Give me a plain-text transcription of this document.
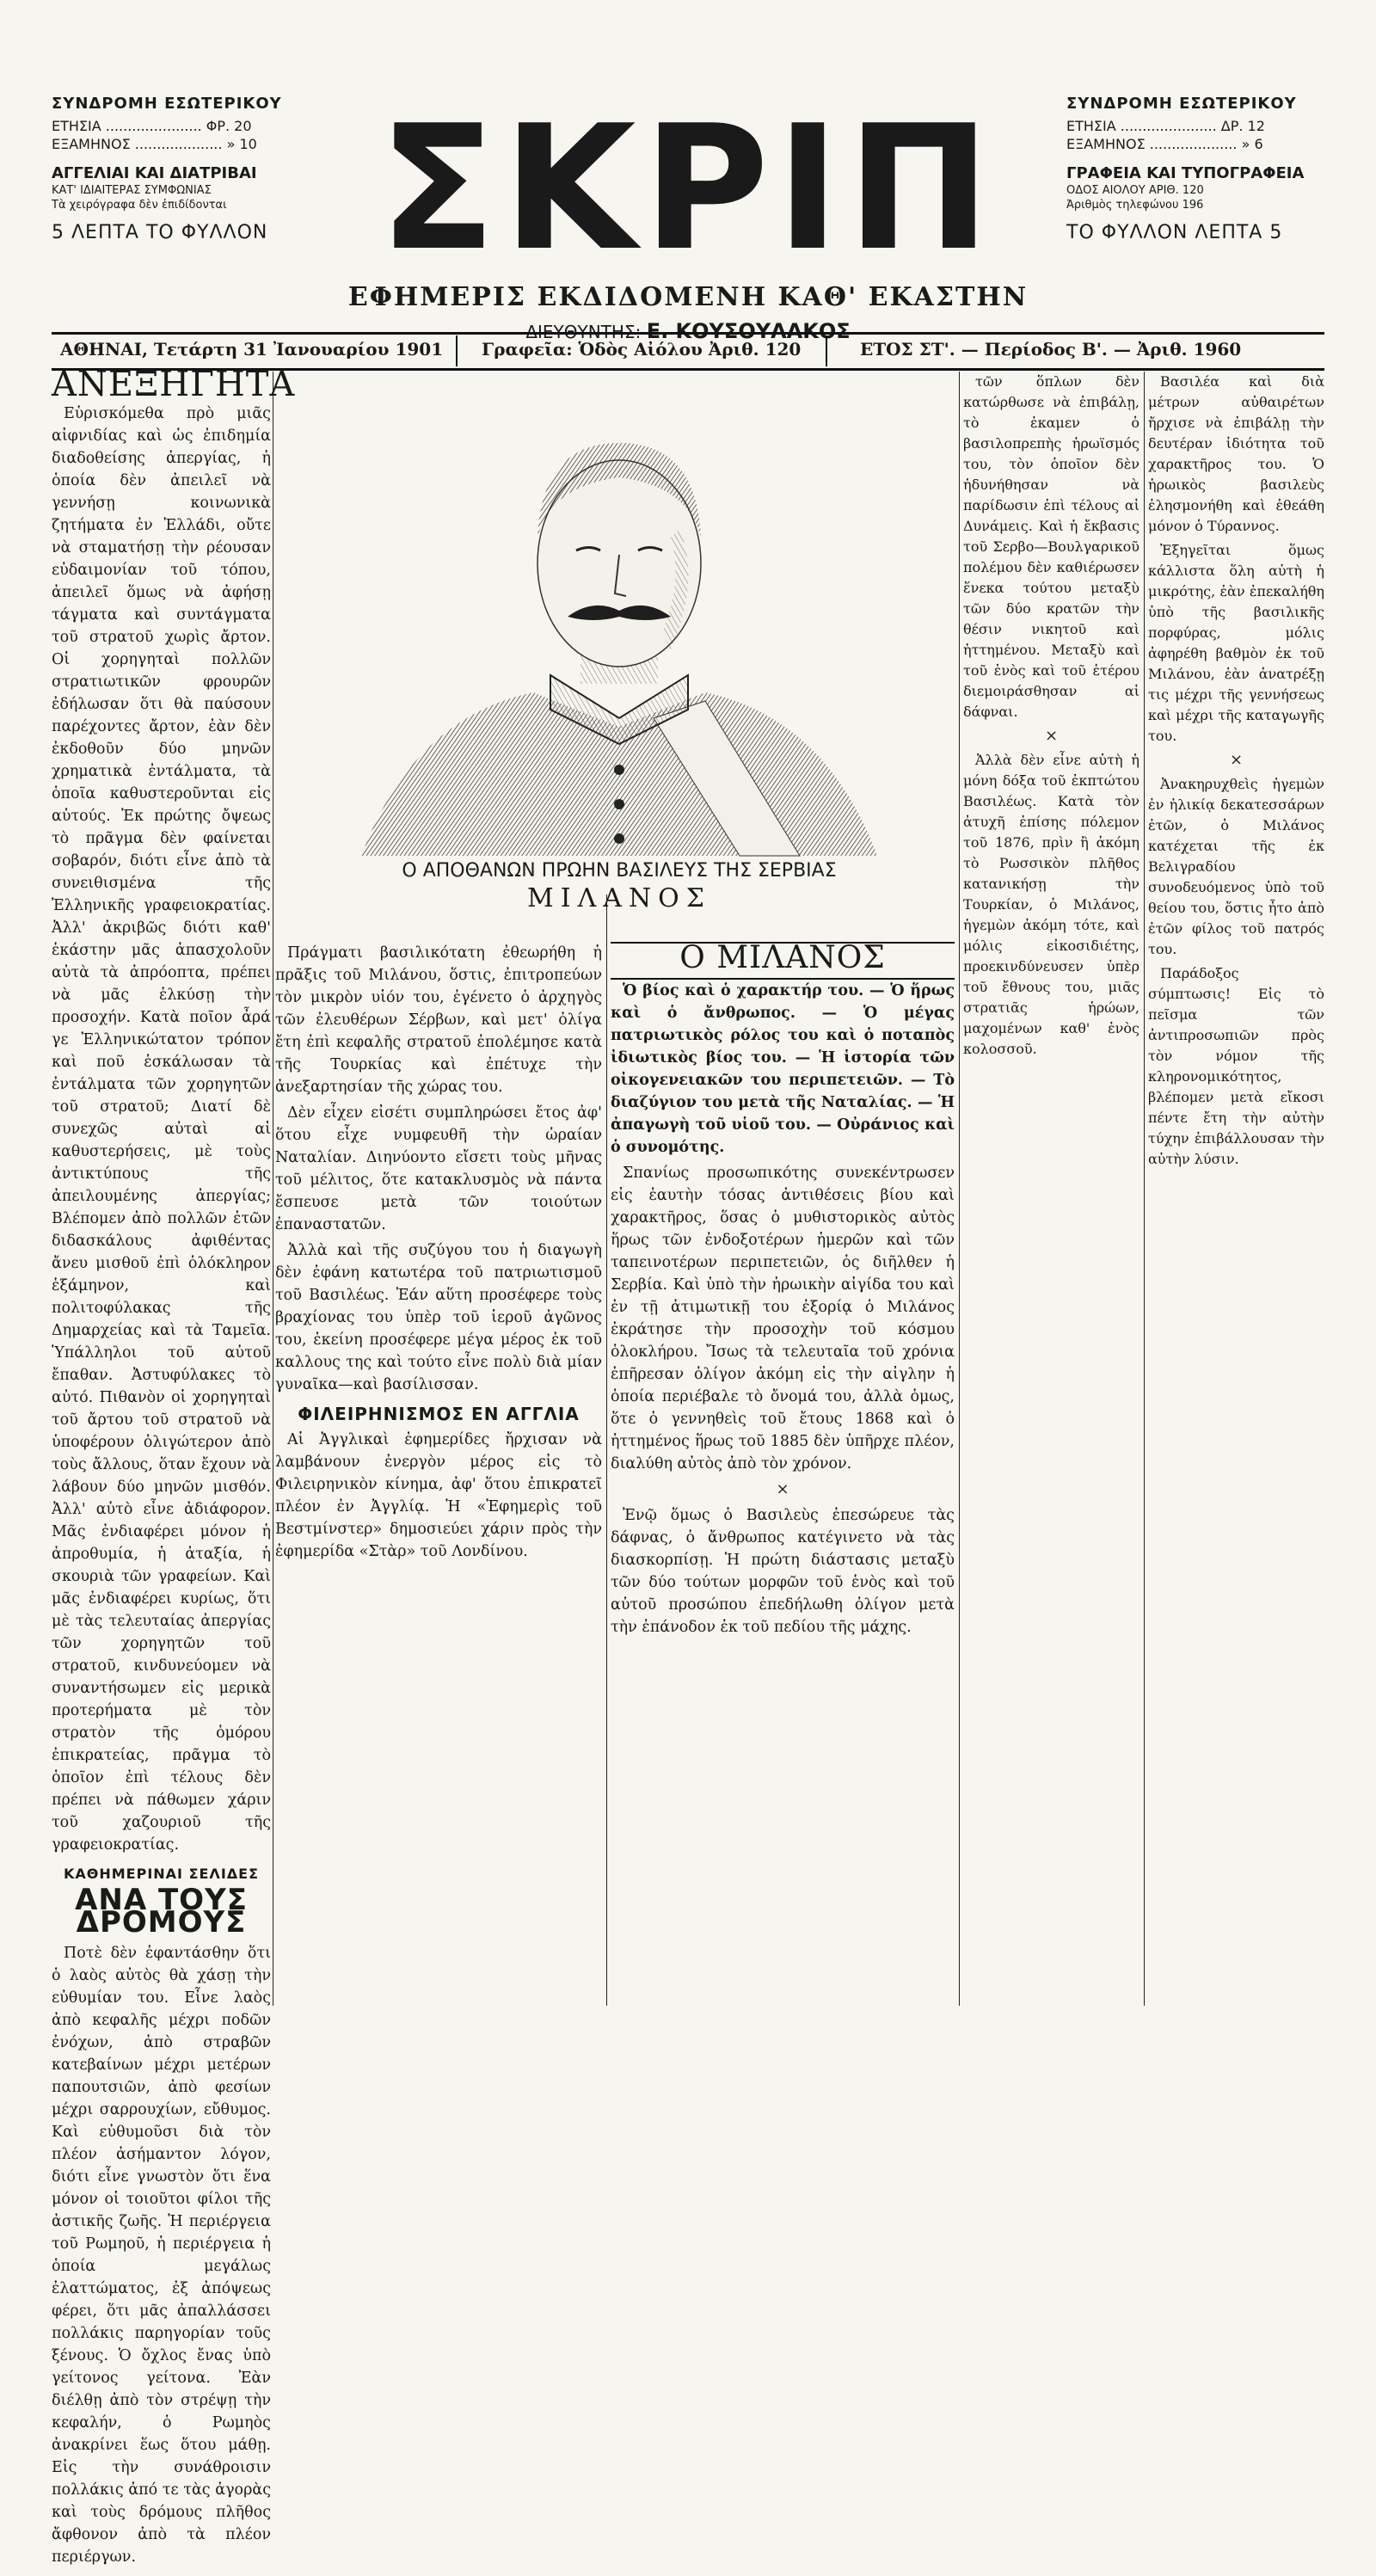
ΣΥΝΔΡΟΜΗ ΕΣΩΤΕΡΙΚΟΥ
ΕΤΗΣΙΑ ...................... ΦΡ. 20
ΕΞΑΜΗΝΟΣ .................... » 10
ΑΓΓΕΛΙΑΙ ΚΑΙ ΔΙΑΤΡΙΒΑΙ
ΚΑΤ' ΙΔΙΑΙΤΕΡΑΣ ΣΥΜΦΩΝΙΑΣ
Τὰ χειρόγραφα δὲν ἐπιδίδονται
5 ΛΕΠΤΑ ΤΟ ΦΥΛΛΟΝ ΣΚΡΙΠ
ΕΦΗΜΕΡΙΣ ΕΚΔΙΔΟΜΕΝΗ ΚΑΘ' ΕΚΑΣΤΗΝ
ΔΙΕΥΘΥΝΤΗΣ: Ε. ΚΟΥΣΟΥΛΑΚΟΣ
ΣΥΝΔΡΟΜΗ ΕΣΩΤΕΡΙΚΟΥ
ΕΤΗΣΙΑ ...................... ΔΡ. 12
ΕΞΑΜΗΝΟΣ .................... » 6
ΓΡΑΦΕΙΑ ΚΑΙ ΤΥΠΟΓΡΑΦΕΙΑ
ΟΔΟΣ ΑΙΟΛΟΥ ΑΡΙΘ. 120
Ἀριθμὸς τηλεφώνου 196
ΤΟ ΦΥΛΛΟΝ ΛΕΠΤΑ 5
ΑΘΗΝΑΙ, Τετάρτη 31 Ἰανουαρίου 1901 Γραφεῖα: Ὁδὸς Αἰόλου Ἀριθ. 120	ΕΤΟΣ ΣΤ'. — Περίοδος Β'. — Ἀριθ. 1960
Ο ΑΠΟΘΑΝΩΝ ΠΡΩΗΝ ΒΑΣΙΛΕΥΣ ΤΗΣ ΣΕΡΒΙΑΣ
ΜΙΛΑΝΟΣ
ΑΝΕΞΗΓΗΤΑ

Εὑρισκόμεθα πρὸ μιᾶς αἰφνιδίας καὶ ὡς ἐπιδημία διαδοθείσης ἀπεργίας, ἡ ὁποία δὲν ἀπειλεῖ νὰ γεννήσῃ κοινωνικὰ ζητήματα ἐν Ἑλλάδι, οὔτε νὰ σταματήσῃ τὴν ρέουσαν εὐδαιμονίαν τοῦ τόπου, ἀπειλεῖ ὅμως νὰ ἀφήσῃ τάγματα καὶ συντάγματα τοῦ στρατοῦ χωρὶς ἄρτον. Οἱ χορηγηταὶ πολλῶν στρατιωτικῶν φρουρῶν ἐδήλωσαν ὅτι θὰ παύσουν παρέχοντες ἄρτον, ἐὰν δὲν ἐκδοθοῦν δύο μηνῶν χρηματικὰ ἐντάλματα, τὰ ὁποῖα καθυστεροῦνται εἰς αὐτούς. Ἐκ πρώτης ὄψεως τὸ πρᾶγμα δὲν φαίνεται σοβαρόν, διότι εἶνε ἀπὸ τὰ συνειθισμένα τῆς Ἑλληνικῆς γραφειοκρατίας. Ἀλλ' ἀκριβῶς διότι καθ' ἑκάστην μᾶς ἀπασχολοῦν αὐτὰ τὰ ἀπρόοπτα, πρέπει νὰ μᾶς ἑλκύσῃ τὴν προσοχήν. Κατὰ ποῖον ἆρά γε Ἑλληνικώτατον τρόπον καὶ ποῦ ἐσκάλωσαν τὰ ἐντάλματα τῶν χορηγητῶν τοῦ στρατοῦ; Διατί δὲ συνεχῶς αὐταὶ αἱ καθυστερήσεις, μὲ τοὺς ἀντικτύπους τῆς ἀπειλουμένης ἀπεργίας; Βλέπομεν ἀπὸ πολλῶν ἐτῶν διδασκάλους ἀφιθέντας ἄνευ μισθοῦ ἐπὶ ὁλόκληρον ἑξάμηνον, καὶ πολιτοφύλακας τῆς Δημαρχείας καὶ τὰ Ταμεῖα. Ὑπάλληλοι τοῦ αὐτοῦ ἔπαθαν. Ἀστυφύλακες τὸ αὐτό. Πιθανὸν οἱ χορηγηταὶ τοῦ ἄρτου τοῦ στρατοῦ νὰ ὑποφέρουν ὀλιγώτερον ἀπὸ τοὺς ἄλλους, ὅταν ἔχουν νὰ λάβουν δύο μηνῶν μισθόν. Ἀλλ' αὐτὸ εἶνε ἀδιάφορον. Μᾶς ἐνδιαφέρει μόνον ἡ ἀπροθυμία, ἡ ἀταξία, ἡ σκουριὰ τῶν γραφείων. Καὶ μᾶς ἐνδιαφέρει κυρίως, ὅτι μὲ τὰς τελευταίας ἀπεργίας τῶν χορηγητῶν τοῦ στρατοῦ, κινδυνεύομεν νὰ συναντήσωμεν εἰς μερικὰ προτερήματα μὲ τὸν στρατὸν τῆς ὁμόρου ἐπικρατείας, πρᾶγμα τὸ ὁποῖον ἐπὶ τέλους δὲν πρέπει νὰ πάθωμεν χάριν τοῦ χαζουριοῦ τῆς γραφειοκρατίας.

ΚΑΘΗΜΕΡΙΝΑΙ ΣΕΛΙΔΕΣ
ΑΝΑ ΤΟΥΣ ΔΡΟΜΟΥΣ

Ποτὲ δὲν ἐφαντάσθην ὅτι ὁ λαὸς αὐτὸς θὰ χάσῃ τὴν εὐθυμίαν του. Εἶνε λαὸς ἀπὸ κεφαλῆς μέχρι ποδῶν ἐνόχων, ἀπὸ στραβῶν κατεβαίνων μέχρι μετέρων παπουτσιῶν, ἀπὸ φεσίων μέχρι σαρρουχίων, εὔθυμος. Καὶ εὐθυμοῦσι διὰ τὸν πλέον ἀσήμαντον λόγον, διότι εἶνε γνωστὸν ὅτι ἕνα μόνον οἱ τοιοῦτοι φίλοι τῆς ἀστικῆς ζωῆς. Ἡ περιέργεια τοῦ Ρωμηοῦ, ἡ περιέργεια ἡ ὁποία μεγάλως ἐλαττώματος, ἐξ ἀπόψεως φέρει, ὅτι μᾶς ἀπαλλάσσει πολλάκις παρηγορίαν τοῦς ξένους. Ὁ ὄχλος ἔνας ὑπὸ γείτονος γείτονα. Ἐὰν διέλθῃ ἀπὸ τὸν στρέψῃ τὴν κεφαλήν, ὁ Ρωμηὸς ἀνακρίνει ἕως ὅτου μάθῃ. Εἰς τὴν συνάθροισιν πολλάκις ἀπό τε τὰς ἀγορὰς καὶ τοὺς δρόμους πλῆθος ἄφθονον ἀπὸ τὰ πλέον περιέργων.

Πράγματι βασιλικότατη ἐθεωρήθη ἡ πρᾶξις τοῦ Μιλάνου, ὅστις, ἐπιτροπεύων τὸν μικρὸν υἱόν του, ἐγένετο ὁ ἀρχηγὸς τῶν ἐλευθέρων Σέρβων, καὶ μετ' ὀλίγα ἔτη ἐπὶ κεφαλῆς στρατοῦ ἐπολέμησε κατὰ τῆς Τουρκίας καὶ ἐπέτυχε τὴν ἀνεξαρτησίαν τῆς χώρας του.

Δὲν εἶχεν εἰσέτι συμπληρώσει ἔτος ἀφ' ὅτου εἶχε νυμφευθῆ τὴν ὡραίαν Ναταλίαν. Διηνύοντο εἴσετι τοὺς μῆνας τοῦ μέλιτος, ὅτε κατακλυσμὸς νὰ πάντα ἔσπευσε μετὰ τῶν τοιούτων ἐπαναστατῶν.

Ἀλλὰ καὶ τῆς συζύγου του ἡ διαγωγὴ δὲν ἐφάνη κατωτέρα τοῦ πατριωτισμοῦ τοῦ Βασιλέως. Ἐάν αὕτη προσέφερε τοὺς βραχίονας του ὑπὲρ τοῦ ἱεροῦ ἀγῶνος του, ἐκείνη προσέφερε μέγα μέρος ἐκ τοῦ καλλους της καὶ τούτο εἶνε πολὺ διὰ μίαν γυναῖκα—καὶ βασίλισσαν.

ΦΙΛΕΙΡΗΝΙΣΜΟΣ ΕΝ ΑΓΓΛΙΑ

Αἱ Ἀγγλικαὶ ἐφημερίδες ἤρχισαν νὰ λαμβάνουν ἐνεργὸν μέρος εἰς τὸ Φιλειρηνικὸν κίνημα, ἀφ' ὅτου ἐπικρατεῖ πλέον ἐν Ἀγγλίᾳ. Ἡ «Ἐφημερὶς τοῦ Βεστμίνστερ» δημοσιεύει χάριν πρὸς τὴν ἐφημερίδα «Στὰρ» τοῦ Λονδίνου.

Ο ΜΙΛΑΝΟΣ

Ὁ βίος καὶ ὁ χαρακτήρ του. — Ὁ ἥρως καὶ ὁ ἄνθρωπος. — Ὁ μέγας πατριωτικὸς ρόλος του καὶ ὁ ποταπὸς ἰδιωτικὸς βίος του. — Ἡ ἱστορία τῶν οἰκογενειακῶν του περιπετειῶν. — Τὸ διαζύγιον του μετὰ τῆς Ναταλίας. — Ἡ ἀπαγωγὴ τοῦ υἱοῦ του. — Οὐράνιος καὶ ὁ συνομότης.

Σπανίως προσωπικότης συνεκέντρωσεν εἰς ἑαυτὴν τόσας ἀντιθέσεις βίου καὶ χαρακτῆρος, ὅσας ὁ μυθιστορικὸς αὐτὸς ἥρως τῶν ἐνδοξοτέρων ἡμερῶν καὶ τῶν ταπεινοτέρων περιπετειῶν, ὁς διῆλθεν ἡ Σερβία. Καὶ ὑπὸ τὴν ἠρωικὴν αἰγίδα του καὶ ἐν τῇ ἀτιμωτικῇ του ἐξορίᾳ ὁ Μιλάνος ἐκράτησε τὴν προσοχὴν τοῦ κόσμου ὁλοκλήρου. Ἴσως τὰ τελευταῖα τοῦ χρόνια ἐπῆρεσαν ὀλίγον ἀκόμη εἰς τὴν αἰγλην ἡ ὁποία περιέβαλε τὸ ὄνομά του, ἀλλὰ ὁμως, ὅτε ὁ γεννηθεὶς τοῦ ἔτους 1868 καὶ ὁ ἡττημένος ἥρως τοῦ 1885 δὲν ὑπῆρχε πλέον, διαλύθη αὐτὸς ἀπὸ τὸν χρόνον.

×

Ἐνῷ ὅμως ὁ Βασιλεὺς ἐπεσώρευε τὰς δάφνας, ὁ ἄνθρωπος κατέγινετο νὰ τὰς διασκορπίσῃ. Ἡ πρώτη διάστασις μεταξὺ τῶν δύο τούτων μορφῶν τοῦ ἑνὸς καὶ τοῦ αὐτοῦ προσώπου ἐπεδήλωθη ὀλίγον μετὰ τὴν ἐπάνοδον ἐκ τοῦ πεδίου τῆς μάχης.

τῶν ὅπλων δὲν κατώρθωσε νὰ ἐπιβάλῃ, τὸ ἐκαμεν ὁ βασιλοπρεπὴς ἡρωϊσμός του, τὸν ὁποῖον δὲν ἠδυνήθησαν νὰ παρίδωσιν ἐπὶ τέλους αἱ Δυνάμεις. Καὶ ἡ ἔκβασις τοῦ Σερβο—Βουλγαρικοῦ πολέμου δὲν καθιέρωσεν ἕνεκα τούτου μεταξὺ τῶν δύο κρατῶν τὴν θέσιν νικητοῦ καὶ ἡττημένου. Μεταξὺ καὶ τοῦ ἑνὸς καὶ τοῦ ἑτέρου διεμοιράσθησαν αἱ δάφναι.

×

Ἀλλὰ δὲν εἶνε αὐτὴ ἡ μόνη δόξα τοῦ ἐκπτώτου Βασιλέως. Κατὰ τὸν ἀτυχῆ ἐπίσης πόλεμον τοῦ 1876, πρὶν ἢ ἀκόμη τὸ Ρωσσικὸν πλῆθος κατανικήσῃ τὴν Τουρκίαν, ὁ Μιλάνος, ἡγεμὼν ἀκόμη τότε, καὶ μόλις εἰκοσιδιέτης, προεκινδύνευσεν ὑπὲρ τοῦ ἔθνους του, μιᾶς στρατιᾶς ἡρώων, μαχομένων καθ' ἑνὸς κολοσσοῦ.

Βασιλέα καὶ διὰ μέτρων αὐθαιρέτων ἤρχισε νὰ ἐπιβάλῃ τὴν δευτέραν ἰδιότητα τοῦ χαρακτῆρος του. Ὁ ἡρωικὸς βασιλεὺς ἐλησμονήθη καὶ ἐθεάθη μόνον ὁ Τύραννος.

Ἐξηγεῖται ὅμως κάλλιστα ὅλη αὐτὴ ἡ μικρότης, ἐὰν ἐπεκαλήθη ὑπὸ τῆς βασιλικῆς πορφύρας, μόλις ἀφηρέθη βαθμὸν ἐκ τοῦ Μιλάνου, ἐὰν ἀνατρέξῃ τις μέχρι τῆς γεννήσεως καὶ μέχρι τῆς καταγωγῆς του.

×

Ἀνακηρυχθεὶς ἡγεμὼν ἐν ἡλικίᾳ δεκατεσσάρων ἐτῶν, ὁ Μιλάνος κατέχεται τῆς ἐκ Βελιγραδίου συνοδευόμενος ὑπὸ τοῦ θείου του, ὅστις ἦτο ἀπὸ ἐτῶν φίλος τοῦ πατρός του.

Παράδοξος σύμπτωσις! Εἰς τὸ πεῖσμα τῶν ἀντιπροσωπιῶν πρὸς τὸν νόμον τῆς κληρονομικότητος, βλέπομεν μετὰ εἴκοσι πέντε ἔτη τὴν αὐτὴν τύχην ἐπιβάλλουσαν τὴν αὐτὴν λύσιν.
